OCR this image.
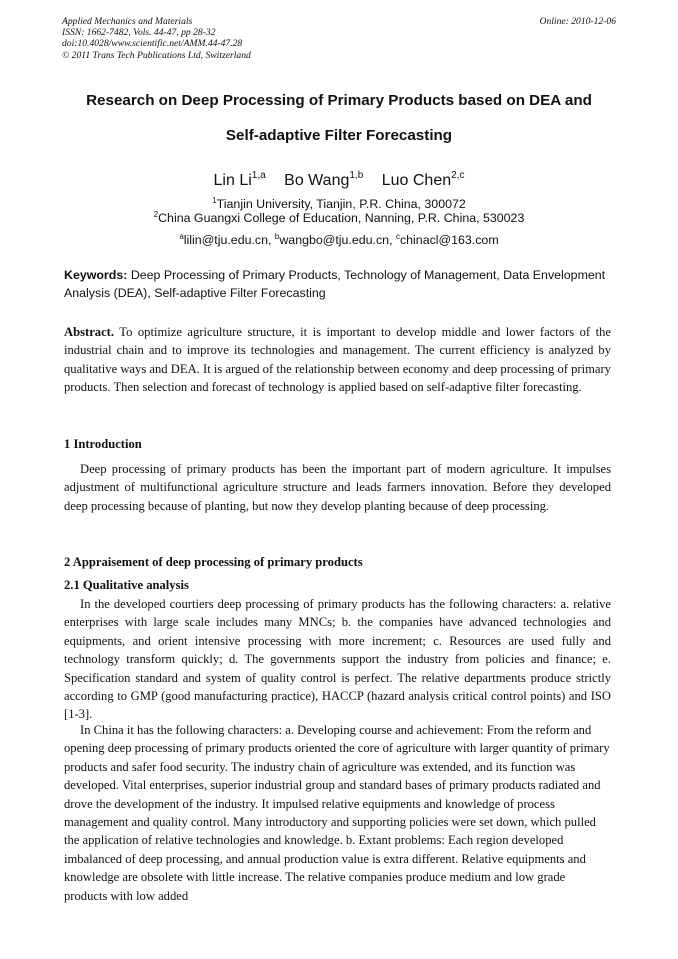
Applied Mechanics and Materials
ISSN: 1662-7482, Vols. 44-47, pp 28-32
doi:10.4028/www.scientific.net/AMM.44-47.28
© 2011 Trans Tech Publications Ltd, Switzerland
Online: 2010-12-06
Research on Deep Processing of Primary Products based on DEA and
Self-adaptive Filter Forecasting
Lin Li$^{1,a}$ Bo Wang$^{1,b}$ Luo Chen$^{2,c}$
$^1$Tianjin University, Tianjin, P.R. China, 300072
$^2$China Guangxi College of Education, Nanning, P.R. China, 530023
$^a$lilin@tju.edu.cn, $^b$wangbo@tju.edu.cn, $^c$chinacl@163.com
Keywords: Deep Processing of Primary Products, Technology of Management, Data Envelopment Analysis (DEA), Self-adaptive Filter Forecasting

Abstract. To optimize agriculture structure, it is important to develop middle and lower factors of the industrial chain and to improve its technologies and management. The current efficiency is analyzed by qualitative ways and DEA. It is argued of the relationship between economy and deep processing of primary products. Then selection and forecast of technology is applied based on self-adaptive filter forecasting.

1 Introduction

Deep processing of primary products has been the important part of modern agriculture. It impulses adjustment of multifunctional agriculture structure and leads farmers innovation. Before they developed deep processing because of planting, but now they develop planting because of deep processing.

2 Appraisement of deep processing of primary products
2.1 Qualitative analysis

In the developed courtiers deep processing of primary products has the following characters: a. relative enterprises with large scale includes many MNCs; b. the companies have advanced technologies and equipments, and orient intensive processing with more increment; c. Resources are used fully and technology transform quickly; d. The governments support the industry from policies and finance; e. Specification standard and system of quality control is perfect. The relative departments produce strictly according to GMP (good manufacturing practice), HACCP (hazard analysis critical control points) and ISO [1-3].

In China it has the following characters: a. Developing course and achievement: From the reform and opening deep processing of primary products oriented the core of agriculture with larger quantity of primary products and safer food security. The industry chain of agriculture was extended, and its function was developed. Vital enterprises, superior industrial group and standard bases of primary products radiated and drove the development of the industry. It impulsed relative equipments and knowledge of process management and quality control. Many introductory and supporting policies were set down, which pulled the application of relative technologies and knowledge. b. Extant problems: Each region developed imbalanced of deep processing, and annual production value is extra different. Relative equipments and knowledge are obsolete with little increase. The relative companies produce medium and low grade products with low added
